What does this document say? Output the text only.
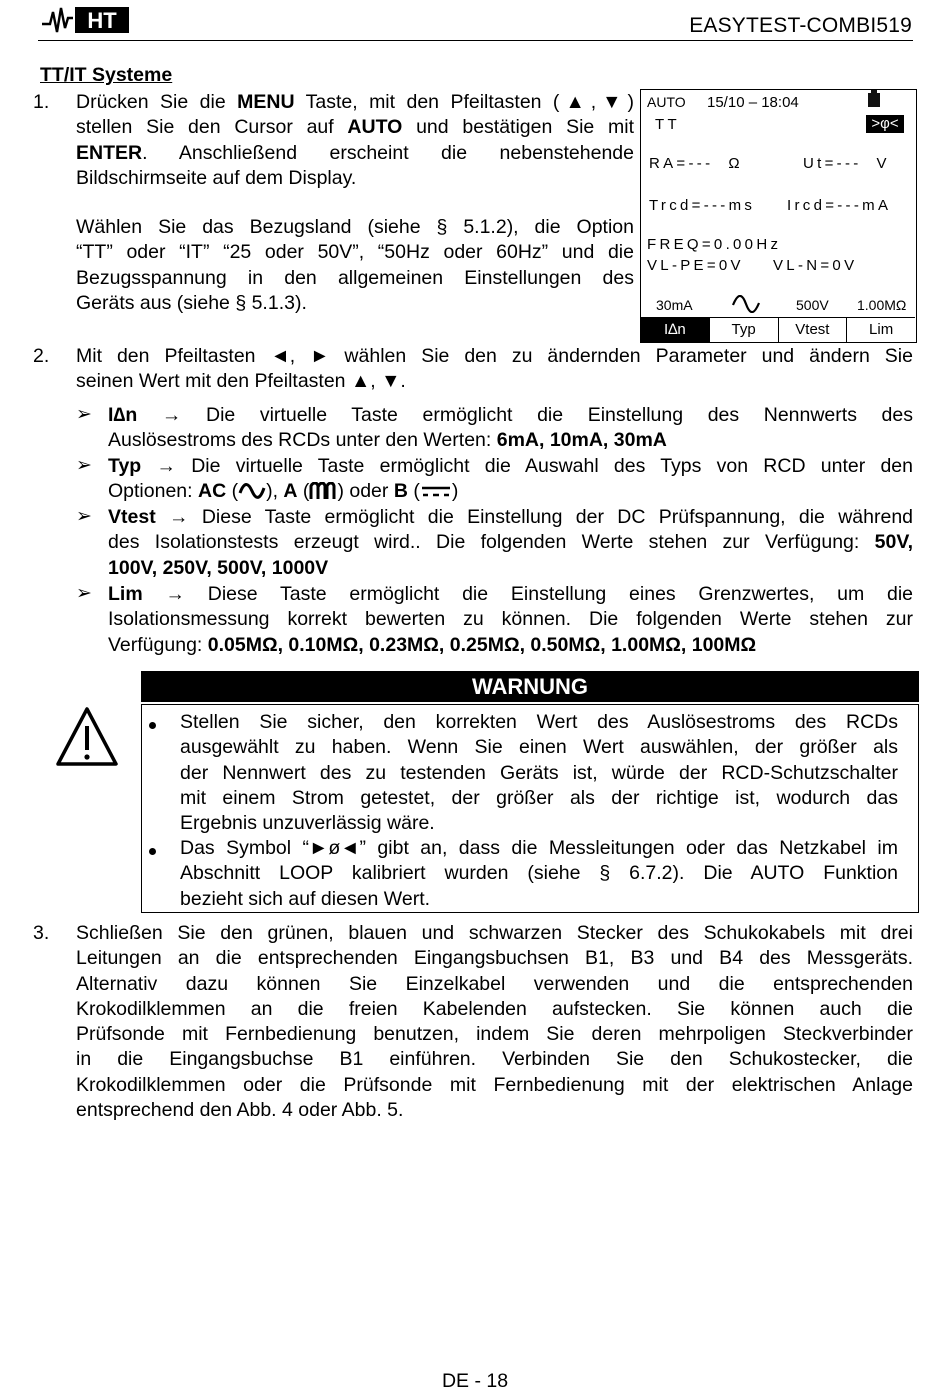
HT	EASYTEST-COMBI519
TT/IT Systeme
1.	Drücken Sie die MENU Taste, mit den Pfeiltasten (▲,▼)
stellen Sie den Cursor auf AUTO und bestätigen Sie mit
ENTER. Anschließend erscheint die nebenstehende
Bildschirmseite auf dem Display.
Wählen Sie das Bezugsland (siehe § 5.1.2), die Option
“TT” oder “IT” “25 oder 50V”, “50Hz oder 60Hz” und die
Bezugsspannung in den allgemeinen Einstellungen des
Geräts aus (siehe § 5.1.3).
AUTO 15/10 – 18:04
TT	>φ<
RA=---  Ω	Ut=---  V
Trcd=---ms Ircd=---mA
FREQ=0.00Hz
VL-PE=0V VL-N=0V
30mA	500V 1.00MΩ
I∆n	Typ	Vtest	Lim
2.	Mit den Pfeiltasten ◄, ► wählen Sie den zu ändernden Parameter und ändern Sie
seinen Wert mit den Pfeiltasten ▲, ▼.
➢ I∆n → Die virtuelle Taste ermöglicht die Einstellung des Nennwerts des
Auslösestroms des RCDs unter den Werten: 6mA, 10mA, 30mA
➢ Typ → Die virtuelle Taste ermöglicht die Auswahl des Typs von RCD unter den
Optionen: AC ( ), A ( ) oder B ( )
➢ Vtest → Diese Taste ermöglicht die Einstellung der DC Prüfspannung, die während
des Isolationstests erzeugt wird.. Die folgenden Werte stehen zur Verfügung: 50V,
100V, 250V, 500V, 1000V
➢ Lim → Diese Taste ermöglicht die Einstellung eines Grenzwertes, um die
Isolationsmessung korrekt bewerten zu können. Die folgenden Werte stehen zur
Verfügung: 0.05MΩ, 0.10MΩ, 0.23MΩ, 0.25MΩ, 0.50MΩ, 1.00MΩ, 100MΩ
WARNUNG
Stellen Sie sicher, den korrekten Wert des Auslösestroms des RCDs
ausgewählt zu haben. Wenn Sie einen Wert auswählen, der größer als
der Nennwert des zu testenden Geräts ist, würde der RCD-Schutzschalter
mit einem Strom getestet, der größer als der richtige ist, wodurch das
Ergebnis unzuverlässig wäre.
Das Symbol “►ø◄” gibt an, dass die Messleitungen oder das Netzkabel im
Abschnitt LOOP kalibriert wurden (siehe § 6.7.2). Die AUTO Funktion
bezieht sich auf diesen Wert.
3.	Schließen Sie den grünen, blauen und schwarzen Stecker des Schukokabels mit drei
Leitungen an die entsprechenden Eingangsbuchsen B1, B3 und B4 des Messgeräts.
Alternativ dazu können Sie Einzelkabel verwenden und die entsprechenden
Krokodilklemmen an die freien Kabelenden aufstecken. Sie können auch die
Prüfsonde mit Fernbedienung benutzen, indem Sie deren mehrpoligen Steckverbinder
in die Eingangsbuchse B1 einführen. Verbinden Sie den Schukostecker, die
Krokodilklemmen oder die Prüfsonde mit Fernbedienung mit der elektrischen Anlage
entsprechend den Abb. 4 oder Abb. 5.
DE - 18
